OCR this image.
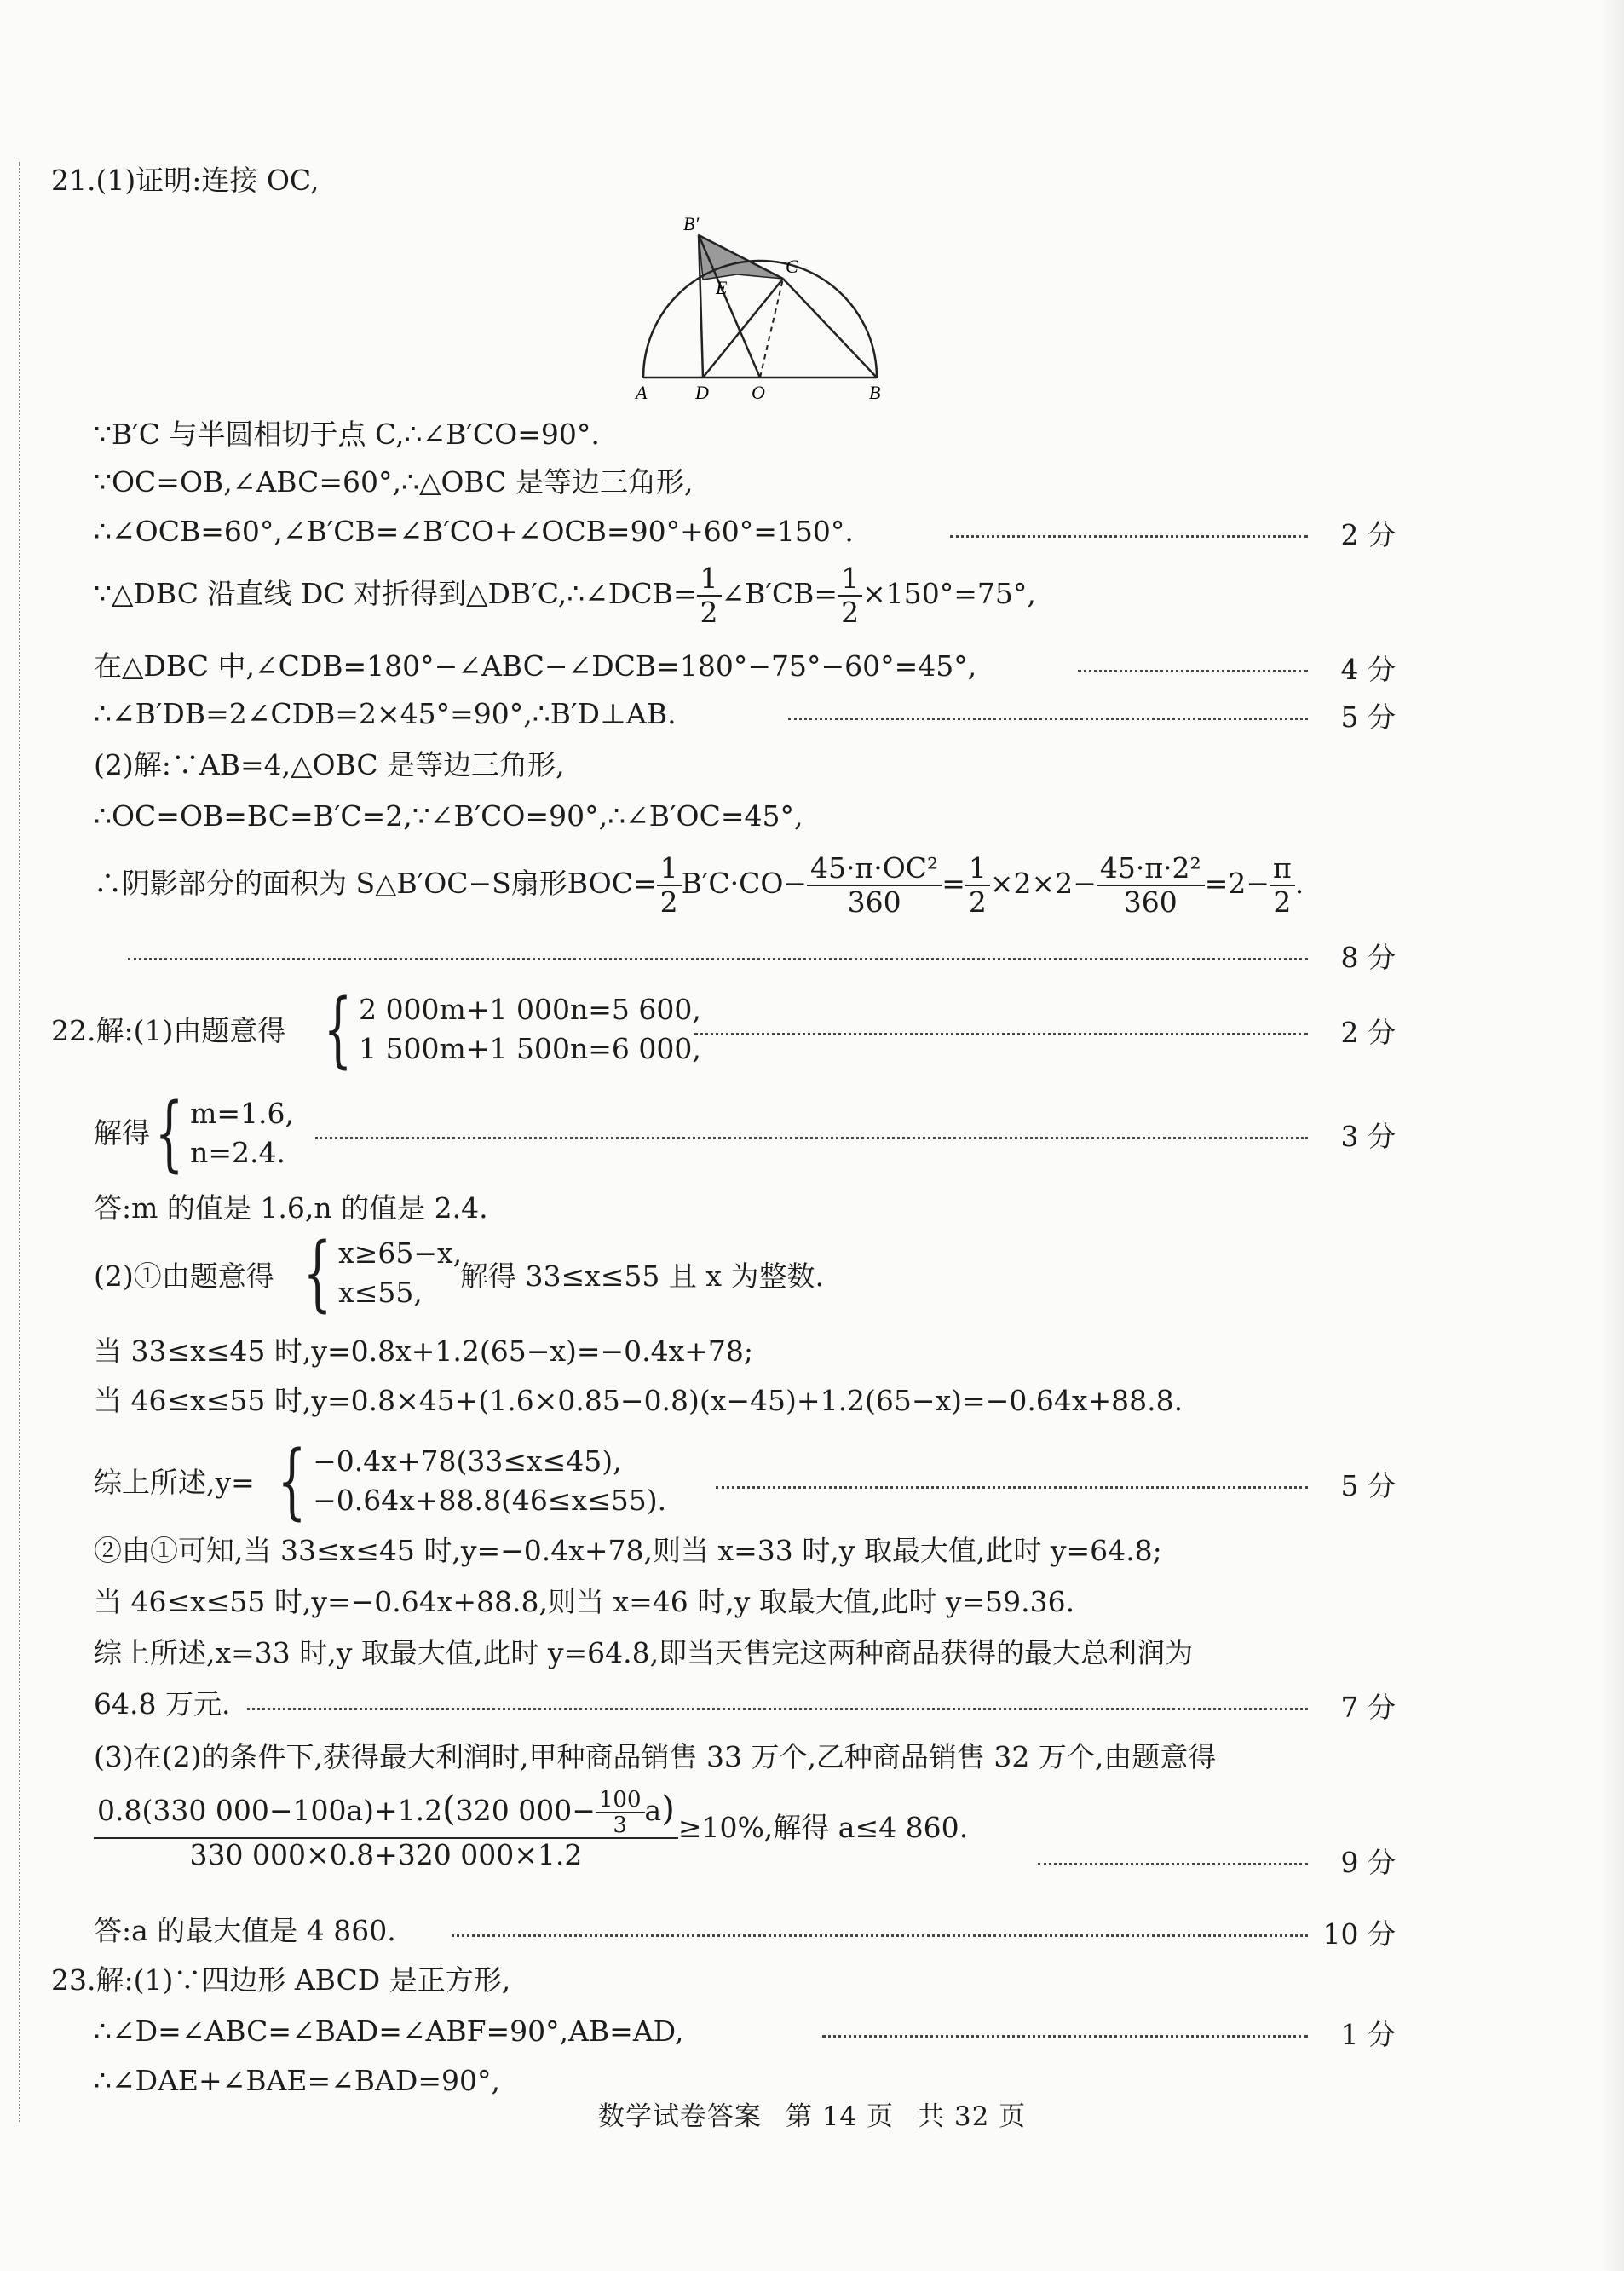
21.(1)证明:连接 OC,
B′
C
E
A	D O	B
∵B′C 与半圆相切于点 C,∴∠B′CO=90°.
∵OC=OB,∠ABC=60°,∴△OBC 是等边三角形,
∴∠OCB=60°,∠B′CB=∠B′CO+∠OCB=90°+60°=150°.	2 分
∵△DBC 沿直线 DC 对折得到△DB′C,∴∠DCB= $\frac{1}{2}$ ∠B′CB= $\frac{1}{2} \times 150^\circ=75^\circ$,
在△DBC 中,∠CDB=180°−∠ABC−∠DCB=180°−75°−60°=45°,	4 分
∴∠B′DB=2∠CDB=2×45°=90°,∴B′D⊥AB.	5 分
(2)解:∵AB=4,△OBC 是等边三角形,
∴OC=OB=BC=B′C=2,∵∠B′CO=90°,∴∠B′OC=45°,
∴阴影部分的面积为 S△B′OC−S扇形$BOC= \frac{1}{2} B'C\cdot CO- \frac{\text{45·π·OC²}}{360} = \frac{1}{2} \times 2\times 2- \frac{\text{45·π·2²}}{360} =2- \frac{\pi}{2}$ .
8 分
22.解:(1)由题意得 { 2 000m+1 000n=5 600,
1 500m+1 500n=6 000,	2 分
解得 { m=1.6,
n=2.4.	3 分
答:m 的值是 1.6,n 的值是 2.4.
(2)①由题意得 { x≥65−x,
x≤55,	解得 33≤x≤55 且 x 为整数.
当 33≤x≤45 时,y=0.8x+1.2(65−x)=−0.4x+78;
当 46≤x≤55 时,y=0.8×45+(1.6×0.85−0.8)(x−45)+1.2(65−x)=−0.64x+88.8.
综上所述,y= { −0.4x+78(33≤x≤45),
−0.64x+88.8(46≤x≤55).	5 分
②由①可知,当 33≤x≤45 时,y=−0.4x+78,则当 x=33 时,y 取最大值,此时 y=64.8;
当 46≤x≤55 时,y=−0.64x+88.8,则当 x=46 时,y 取最大值,此时 y=59.36.
综上所述,x=33 时,y 取最大值,此时 y=64.8,即当天售完这两种商品获得的最大总利润为
64.8 万元.	7 分
(3)在(2)的条件下,获得最大利润时,甲种商品销售 33 万个,乙种商品销售 32 万个,由题意得
$\frac{0.8(330 000-100a)+1.2(320 000- \frac{100}{3} a)}{330 000\times 0.8+320 000\times 1.2} \ge 10\%$,解得 a≤4 860.
9 分
答:a 的最大值是 4 860.	10 分
23.解:(1)∵四边形 ABCD 是正方形,
∴∠D=∠ABC=∠BAD=∠ABF=90°,AB=AD,	1 分
∴∠DAE+∠BAE=∠BAD=90°,
数学试卷答案 第 14 页 共 32 页
